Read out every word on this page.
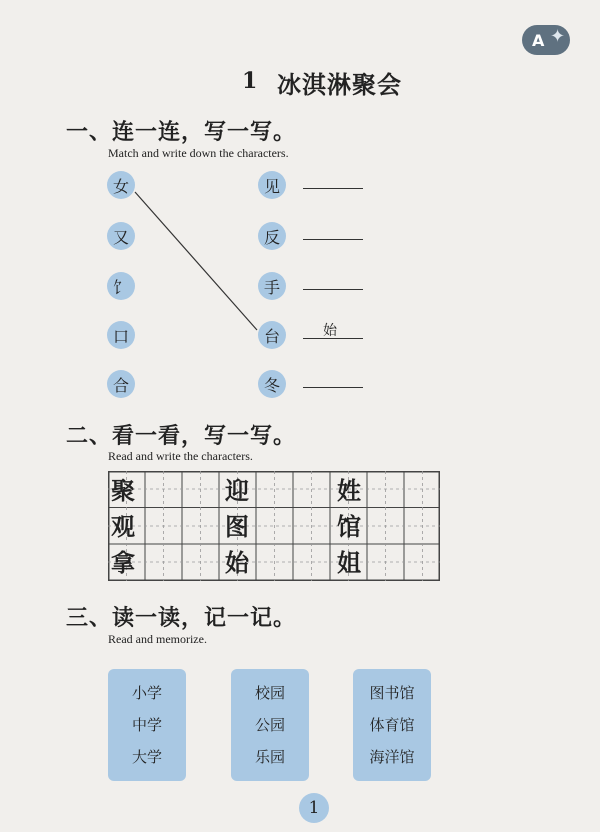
A ✦
1 冰淇淋聚会
一、连一连，写一写。
Match and write down the characters.
女
又
饣
口
合
见
反
手
台
冬
始
二、看一看，写一写。
Read and write the characters.
聚	迎	姓
观	图	馆
拿	始	姐
三、读一读，记一记。
Read and memorize.
小学
中学
大学
校园
公园
乐园
图书馆
体育馆
海洋馆
1
